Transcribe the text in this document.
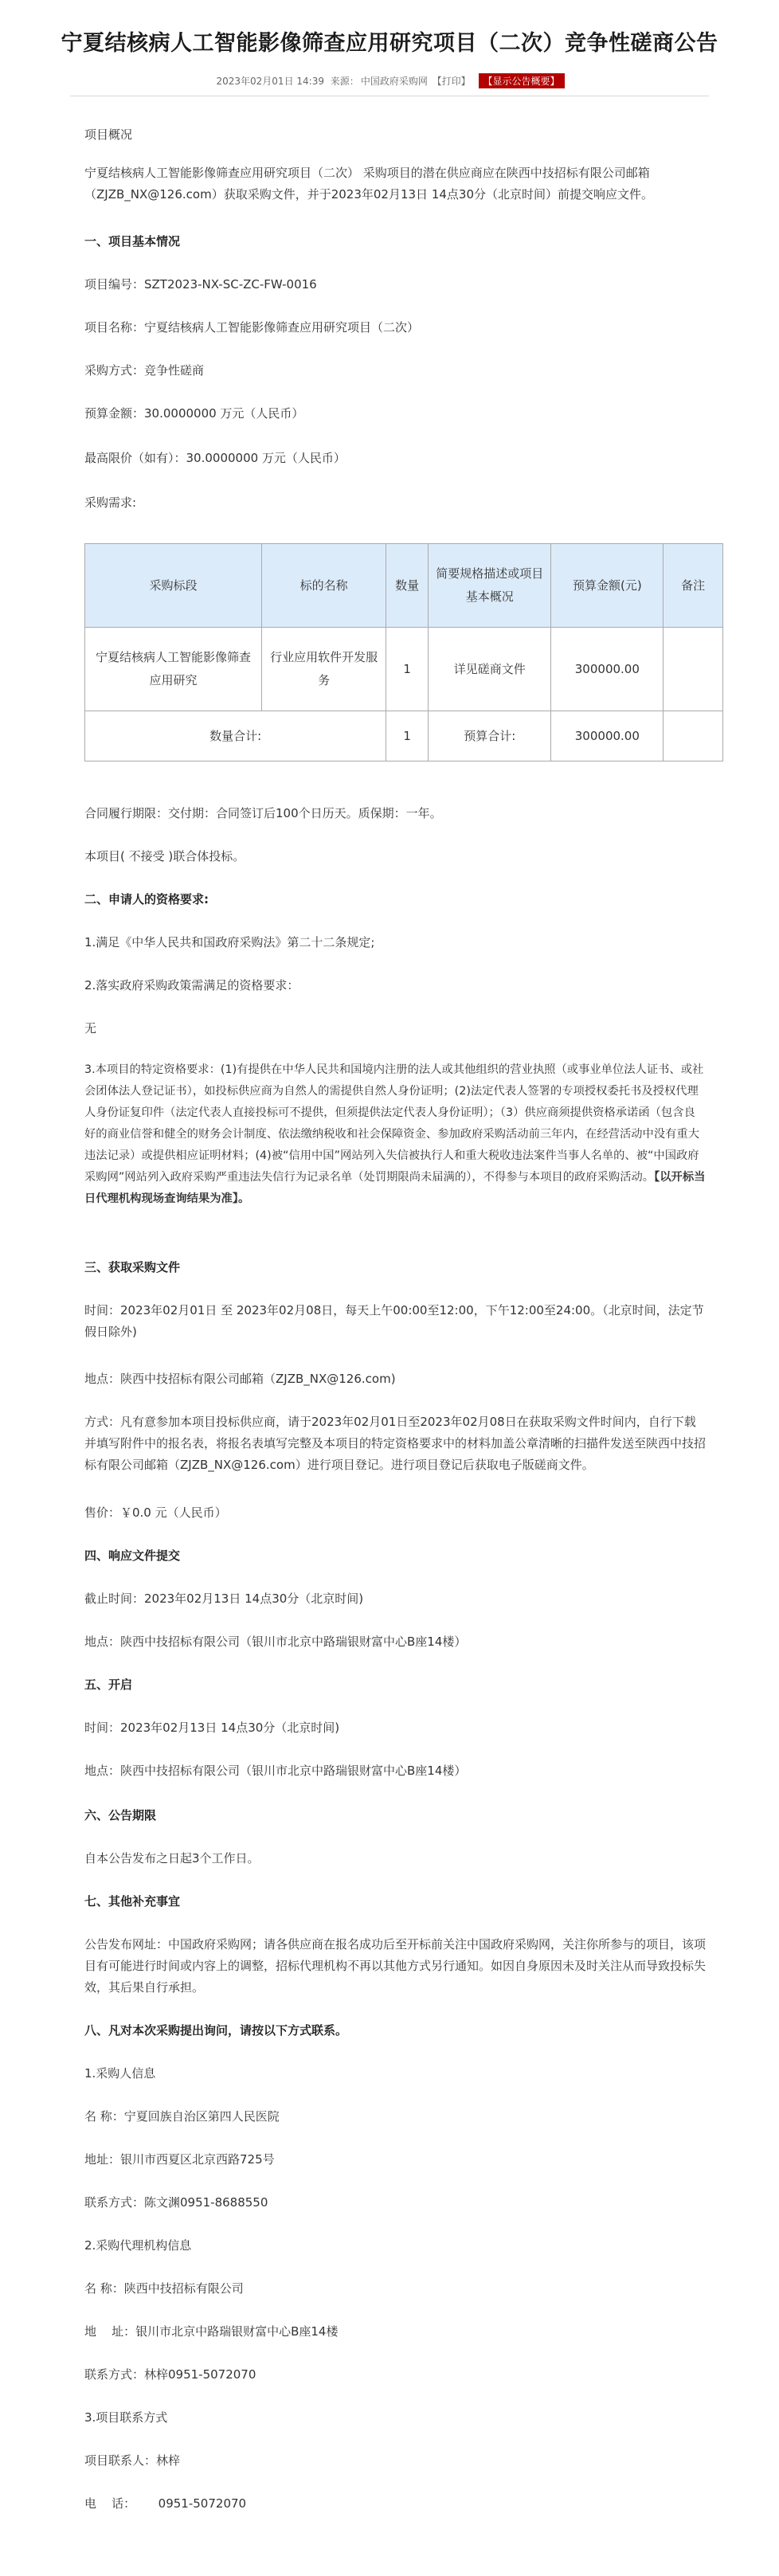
宁夏结核病人工智能影像筛查应用研究项目（二次）竞争性磋商公告
2023年02月01日 14:39 来源： 中国政府采购网 【打印】 【显示公告概要】

项目概况

宁夏结核病人工智能影像筛查应用研究项目（二次） 采购项目的潜在供应商应在陕西中技招标有限公司邮箱（ZJZB_NX@126.com）获取采购文件，并于2023年02月13日 14点30分（北京时间）前提交响应文件。

一、项目基本情况

项目编号：SZT2023-NX-SC-ZC-FW-0016

项目名称：宁夏结核病人工智能影像筛查应用研究项目（二次）

采购方式：竞争性磋商

预算金额：30.0000000 万元（人民币）

最高限价（如有）：30.0000000 万元（人民币）

采购需求:

采购标段	标的名称	数量	简要规格描述或项目基本概况	预算金额(元)	备注
宁夏结核病人工智能影像筛查应用研究	行业应用软件开发服务	1	详见磋商文件	300000.00	
数量合计:		1	预算合计:	300000.00	

合同履行期限：交付期：合同签订后100个日历天。质保期：一年。

本项目( 不接受 )联合体投标。

二、申请人的资格要求:

1.满足《中华人民共和国政府采购法》第二十二条规定;

2.落实政府采购政策需满足的资格要求：

无

3.本项目的特定资格要求：(1)有提供在中华人民共和国境内注册的法人或其他组织的营业执照（或事业单位法人证书、或社会团体法人登记证书），如投标供应商为自然人的需提供自然人身份证明；(2)法定代表人签署的专项授权委托书及授权代理人身份证复印件（法定代表人直接投标可不提供，但须提供法定代表人身份证明）；（3）供应商须提供资格承诺函（包含良好的商业信誉和健全的财务会计制度、依法缴纳税收和社会保障资金、参加政府采购活动前三年内，在经营活动中没有重大违法记录）或提供相应证明材料；(4)被“信用中国”网站列入失信被执行人和重大税收违法案件当事人名单的、被“中国政府采购网”网站列入政府采购严重违法失信行为记录名单（处罚期限尚未届满的），不得参与本项目的政府采购活动。【以开标当日代理机构现场查询结果为准】。

三、获取采购文件

时间：2023年02月01日 至 2023年02月08日，每天上午00:00至12:00，下午12:00至24:00。（北京时间，法定节假日除外)

地点：陕西中技招标有限公司邮箱（ZJZB_NX@126.com)

方式：凡有意参加本项目投标供应商，请于2023年02月01日至2023年02月08日在获取采购文件时间内，自行下载并填写附件中的报名表，将报名表填写完整及本项目的特定资格要求中的材料加盖公章清晰的扫描件发送至陕西中技招标有限公司邮箱（ZJZB_NX@126.com）进行项目登记。进行项目登记后获取电子版磋商文件。

售价：￥0.0 元（人民币）

四、响应文件提交

截止时间：2023年02月13日 14点30分（北京时间)

地点：陕西中技招标有限公司（银川市北京中路瑞银财富中心B座14楼）

五、开启

时间：2023年02月13日 14点30分（北京时间)

地点：陕西中技招标有限公司（银川市北京中路瑞银财富中心B座14楼）

六、公告期限

自本公告发布之日起3个工作日。

七、其他补充事宜

公告发布网址：中国政府采购网；请各供应商在报名成功后至开标前关注中国政府采购网，关注你所参与的项目，该项目有可能进行时间或内容上的调整，招标代理机构不再以其他方式另行通知。如因自身原因未及时关注从而导致投标失效，其后果自行承担。

八、凡对本次采购提出询问，请按以下方式联系。

1.采购人信息

名 称：宁夏回族自治区第四人民医院

地址：银川市西夏区北京西路725号

联系方式：陈文渊0951-8688550

2.采购代理机构信息

名 称：陕西中技招标有限公司

地    址：银川市北京中路瑞银财富中心B座14楼

联系方式：林梓0951-5072070

3.项目联系方式

项目联系人：林梓

电    话：      0951-5072070
